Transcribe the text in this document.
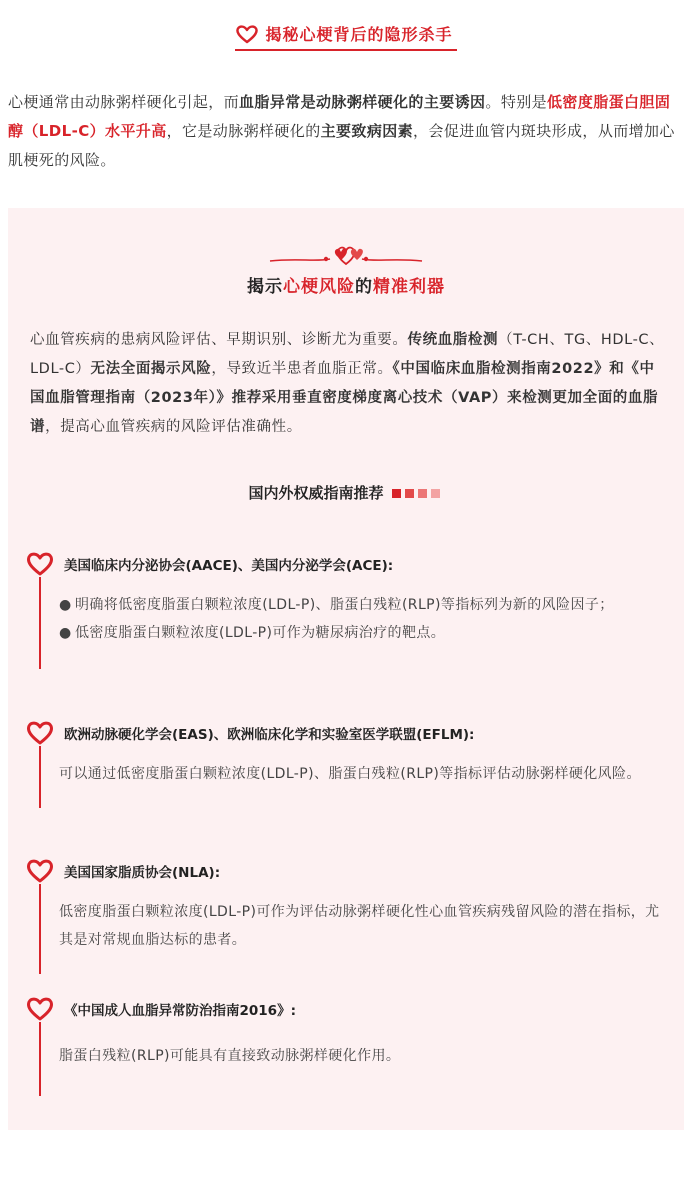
揭秘心梗背后的隐形杀手

心梗通常由动脉粥样硬化引起，而血脂异常是动脉粥样硬化的主要诱因。特别是低密度脂蛋白胆固醇（LDL-C）水平升高，它是动脉粥样硬化的主要致病因素，会促进血管内斑块形成，从而增加心肌梗死的风险。

揭示心梗风险的精准利器

心血管疾病的患病风险评估、早期识别、诊断尤为重要。传统血脂检测（T-CH、TG、HDL-C、LDL-C）无法全面揭示风险，导致近半患者血脂正常。《中国临床血脂检测指南2022》和《中国血脂管理指南（2023年）》推荐采用垂直密度梯度离心技术（VAP）来检测更加全面的血脂谱，提高心血管疾病的风险评估准确性。

国内外权威指南推荐
美国临床内分泌协会(AACE)、美国内分泌学会(ACE):
● 明确将低密度脂蛋白颗粒浓度(LDL-P)、脂蛋白残粒(RLP)等指标列为新的风险因子；
● 低密度脂蛋白颗粒浓度(LDL-P)可作为糖尿病治疗的靶点。
欧洲动脉硬化学会(EAS)、欧洲临床化学和实验室医学联盟(EFLM):

可以通过低密度脂蛋白颗粒浓度(LDL-P)、脂蛋白残粒(RLP)等指标评估动脉粥样硬化风险。

美国国家脂质协会(NLA):

低密度脂蛋白颗粒浓度(LDL-P)可作为评估动脉粥样硬化性心血管疾病残留风险的潜在指标，尤其是对常规血脂达标的患者。

《中国成人血脂异常防治指南2016》:

脂蛋白残粒(RLP)可能具有直接致动脉粥样硬化作用。
